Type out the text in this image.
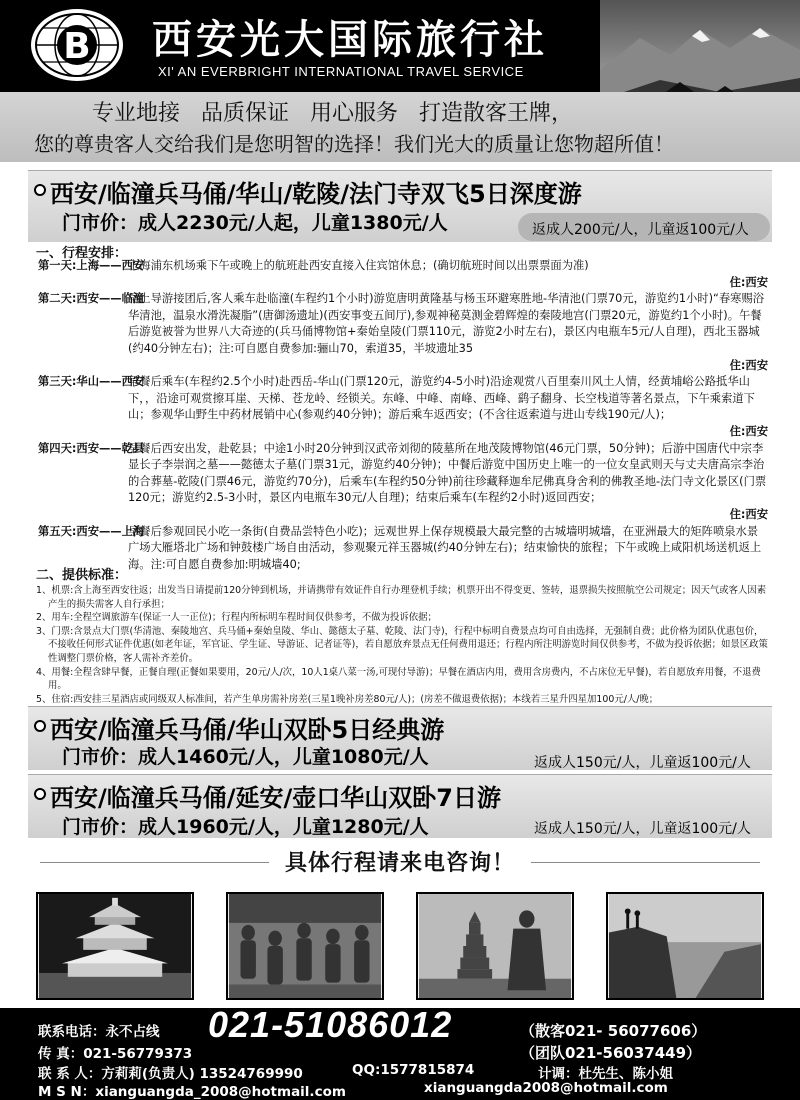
B 西安光大国际旅行社
XI' AN EVERBRIGHT INTERNATIONAL TRAVEL SERVICE
专业地接   品质保证   用心服务   打造散客王牌，
您的尊贵客人交给我们是您明智的选择！我们光大的质量让您物超所值！
西安/临潼兵马俑/华山/乾陵/法门寺双飞5日深度游
门市价：成人2230元/人起，儿童1380元/人	返成人200元/人，儿童返100元/人
一、行程安排：
第一天:上海——西安
上海浦东机场乘下午或晚上的航班赴西安直接入住宾馆休息；(确切航班时间以出票票面为准)
住:西安
第二天:西安——临潼
早上导游接团后,客人乘车赴临潼(车程约1个小时)游览唐明黄隆基与杨玉环避寒胜地-华清池(门票70元，游览约1小时)“春寒赐浴华清池，温泉水滑洗凝脂”(唐御汤遗址)(西安事变五间厅),参观神秘莫测金碧辉煌的秦陵地宫(门票20元，游览约1个小时)。午餐后游览被誉为世界八大奇迹的(兵马俑博物馆+秦始皇陵(门票110元，游览2小时左右)，景区内电瓶车5元/人自理)，西北玉器城(约40分钟左右)；注:可自愿自费参加:骊山70，索道35，半坡遗址35
住:西安
第三天:华山——西安
早餐后乘车(车程约2.5个小时)赴西岳-华山(门票120元，游览约4-5小时)沿途观赏八百里秦川风土人情，经黄埔峪公路抵华山下，，沿途可观赏擦耳崖、天梯、苍龙岭、经锁关。东峰、中峰、南峰、西峰、鹞子翻身、长空栈道等著名景点，下午乘索道下山；参观华山野生中药材展销中心(参观约40分钟)；游后乘车返西安；(不含往返索道与进山专线190元/人)；
住:西安
第四天:西安——乾县
早餐后西安出发，赴乾县；中途1小时20分钟到汉武帝刘彻的陵墓所在地茂陵博物馆(46元门票，50分钟)；后游中国唐代中宗李显长子李崇润之墓——懿德太子墓(门票31元，游览约40分钟)；中餐后游览中国历史上唯一的一位女皇武则天与丈夫唐高宗李治的合葬墓-乾陵(门票46元，游览约70分)，后乘车(车程约50分钟)前往珍藏释迦牟尼佛真身舍利的佛教圣地-法门寺文化景区(门票120元；游览约2.5-3小时，景区内电瓶车30元/人自理)；结束后乘车(车程约2小时)返回西安；
住:西安
第五天:西安——上海
早餐后参观回民小吃一条街(自费品尝特色小吃)；远观世界上保存规模最大最完整的古城墙明城墙，在亚洲最大的矩阵喷泉水景广场大雁塔北广场和钟鼓楼广场自由活动，参观聚元祥玉器城(约40分钟左右)；结束愉快的旅程；下午或晚上咸阳机场送机返上海。注:可自愿自费参加:明城墙40;
二、提供标准：
1、机票:含上海至西安往返；出发当日请提前120分钟到机场，并请携带有效证件自行办理登机手续；机票开出不得变更、签转，退票损失按照航空公司规定；因天气或客人因素产生的损失需客人自行承担；
2、用车:全程空调旅游车(保证一人一正位)；行程内所标明车程时间仅供参考，不做为投诉依据；
3、门票:含景点大门票(华清池、秦陵地宫、兵马俑+秦始皇陵、华山、懿德太子墓、乾陵、法门寺)，行程中标明自费景点均可自由选择，无强制自费；此价格为团队优惠包价，不接收任何形式证件优惠(如老年证，军官证、学生证、导游证、记者证等)，若自愿放弃景点无任何费用退还；行程内所注明游览时间仅供参考，不做为投诉依据；如景区政策性调整门票价格，客人需补齐差价。
4、用餐:全程含肆早餐，正餐自理(正餐如果要用，20元/人/次，10人1桌八菜一汤,可现付导游)；早餐在酒店内用，费用含房费内，不占床位无早餐)，若自愿放弃用餐，不退费用。
5、住宿:西安挂三星酒店或同级双人标准间，若产生单房需补房差(三星1晚补房差80元/人)；(房差不做退费依据)；本线若三星升四星加100元/人/晚；
西安/临潼兵马俑/华山双卧5日经典游
门市价：成人1460元/人，儿童1080元/人	返成人150元/人，儿童返100元/人
西安/临潼兵马俑/延安/壶口华山双卧7日游
门市价：成人1960元/人，儿童1280元/人	返成人150元/人，儿童返100元/人
具体行程请来电咨询！
联系电话：永不占线 021-51086012	（散客021- 56077606）
传 真：021-56779373	（团队021-56037449）
联 系 人：方莉莉(负责人) 13524769990	QQ:1577815874	计调：杜先生、陈小姐
M S N：xianguangda_2008@hotmail.com	xianguangda2008@hotmail.com
